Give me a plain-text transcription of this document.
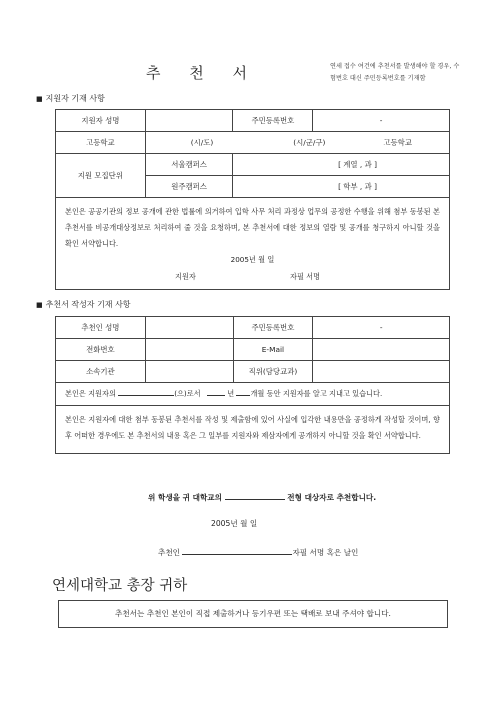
추 천 서	연세 접수 여건에 추천서를 발생해야 할 경우, 수험번호 대신 주민등록번호를 기재함
■ 지원자 기재 사항
지원자 성명		주민등록번호	-
고등학교	(시/도) (시/군/구) 고등학교		
지원 모집단위	서울캠퍼스	[ 계열 , 과 ]	
	원주캠퍼스	[ 학부 , 과 ]	

본인은 공공기관의 정보 공개에 관한 법률에 의거하여 입학 사무 처리 과정상 업무의 공정한 수행을 위해 첨부 동봉된 본 추천서를 비공개대상정보로 처리하여 줄 것을 요청하며, 본 추천서에 대한 정보의 열람 및 공개를 청구하지 아니할 것을 확인 서약합니다.
2005년 월 일
지원자 자필 서명			
■ 추천서 작성자 기재 사항
추천인 성명		주민등록번호	-
전화번호		E-Mail	
소속기관		직위(담당교과)	
본인은 지원자의 (으)로서 년 개월 동안 지원자를 알고 지내고 있습니다.			

본인은 지원자에 대한 첨부 동봉된 추천서를 작성 및 제출함에 있어 사실에 입각한 내용만을 공정하게 작성할 것이며, 향후 어떠한 경우에도 본 추천서의 내용 혹은 그 일부를 지원자와 제삼자에게 공개하지 아니할 것을 확인 서약합니다.			
위 학생을 귀 대학교의	전형 대상자로 추천합니다.
2005년 월 일
추천인	자필 서명 혹은 날인
연세대학교 총장 귀하
추천서는 추천인 본인이 직접 제출하거나 등기우편 또는 택배로 보내 주셔야 합니다.
